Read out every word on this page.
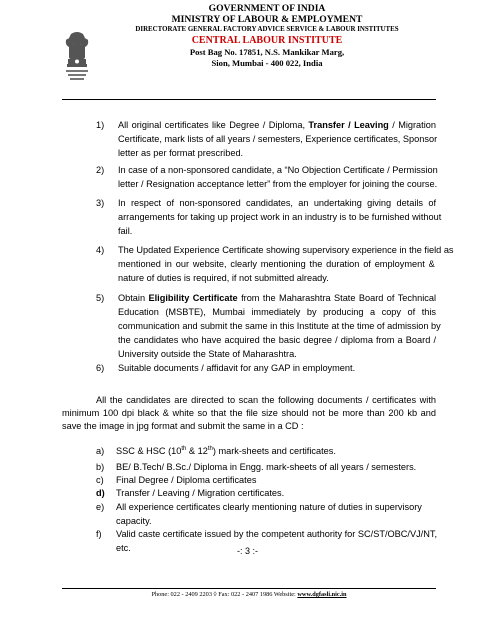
GOVERNMENT OF INDIA
MINISTRY OF LABOUR & EMPLOYMENT
DIRECTORATE GENERAL FACTORY ADVICE SERVICE & LABOUR INSTITUTES
CENTRAL LABOUR INSTITUTE
Post Bag No. 17851, N.S. Mankikar Marg,
Sion, Mumbai - 400 022, India
1) All original certificates like Degree / Diploma, Transfer / Leaving / Migration
Certificate, mark lists of all years / semesters, Experience certificates, Sponsor
letter as per format prescribed.
2) In case of a non-sponsored candidate, a “No Objection Certificate / Permission
letter / Resignation acceptance letter” from the employer for joining the course.
3) In respect of non-sponsored candidates, an undertaking giving details of
arrangements for taking up project work in an industry is to be furnished without
fail.
4) The Updated Experience Certificate showing supervisory experience in the field as
mentioned in our website, clearly mentioning the duration of employment &
nature of duties is required, if not submitted already.
5) Obtain Eligibility Certificate from the Maharashtra State Board of Technical
Education (MSBTE), Mumbai immediately by producing a copy of this
communication and submit the same in this Institute at the time of admission by
the candidates who have acquired the basic degree / diploma from a Board /
University outside the State of Maharashtra.
6) Suitable documents / affidavit for any GAP in employment.
All the candidates are directed to scan the following documents / certificates with
minimum 100 dpi black & white so that the file size should not be more than 200 kb and
save the image in jpg format and submit the same in a CD :
a) SSC & HSC (10th & 12th) mark-sheets and certificates.
b) BE/ B.Tech/ B.Sc./ Diploma in Engg. mark-sheets of all years / semesters.
c) Final Degree / Diploma certificates
d) Transfer / Leaving / Migration certificates.
e) All experience certificates clearly mentioning nature of duties in supervisory
capacity.
f) Valid caste certificate issued by the competent authority for SC/ST/OBC/VJ/NT,
etc.	-: 3 :-
Phone: 022 - 2409 2203 ◊ Fax: 022 - 2407 1986 Website: www.dgfasli.nic.in
